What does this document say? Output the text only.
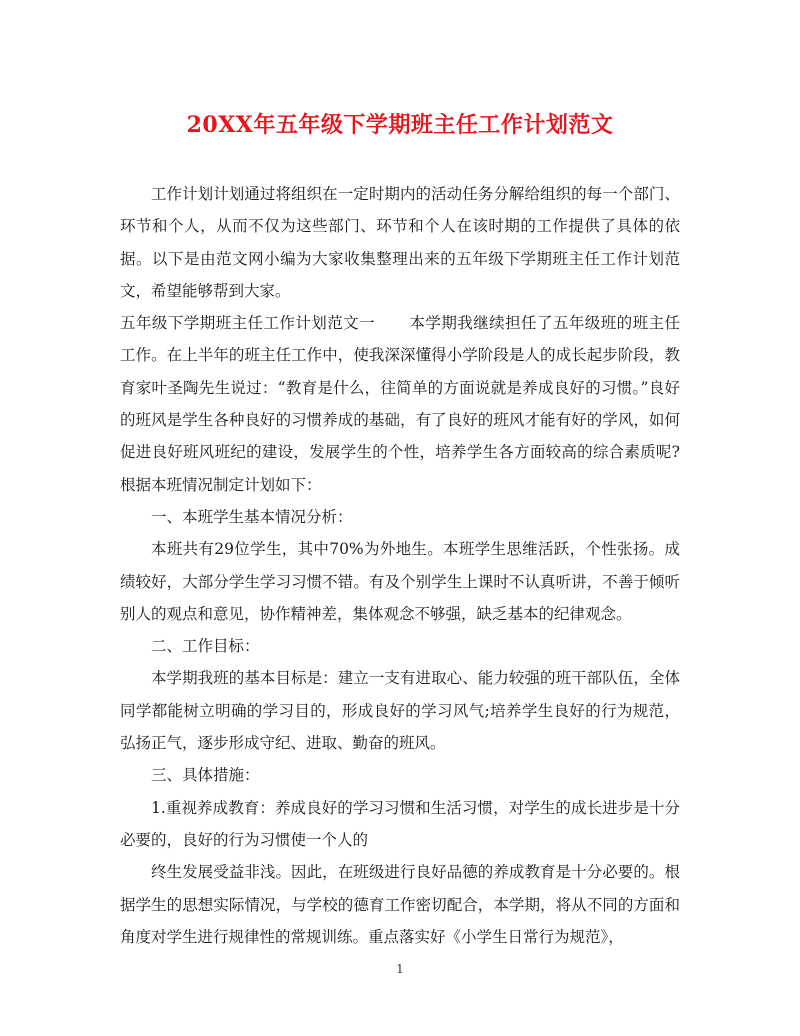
20XX年五年级下学期班主任工作计划范文

工作计划计划通过将组织在一定时期内的活动任务分解给组织的每一个部门、环节和个人，从而不仅为这些部门、环节和个人在该时期的工作提供了具体的依据。以下是由范文网小编为大家收集整理出来的五年级下学期班主任工作计划范文，希望能够帮到大家。

五年级下学期班主任工作计划范文一 本学期我继续担任了五年级班的班主任工作。在上半年的班主任工作中，使我深深懂得小学阶段是人的成长起步阶段，教育家叶圣陶先生说过：“教育是什么，往简单的方面说就是养成良好的习惯。”良好的班风是学生各种良好的习惯养成的基础，有了良好的班风才能有好的学风，如何促进良好班风班纪的建设，发展学生的个性，培养学生各方面较高的综合素质呢?根据本班情况制定计划如下：

一、本班学生基本情况分析：

本班共有29位学生，其中70%为外地生。本班学生思维活跃，个性张扬。成绩较好，大部分学生学习习惯不错。有及个别学生上课时不认真听讲，不善于倾听别人的观点和意见，协作精神差，集体观念不够强，缺乏基本的纪律观念。

二、工作目标：

本学期我班的基本目标是：建立一支有进取心、能力较强的班干部队伍，全体同学都能树立明确的学习目的，形成良好的学习风气;培养学生良好的行为规范，弘扬正气，逐步形成守纪、进取、勤奋的班风。

三、具体措施：

1.重视养成教育：养成良好的学习习惯和生活习惯，对学生的成长进步是十分必要的，良好的行为习惯使一个人的

终生发展受益非浅。因此，在班级进行良好品德的养成教育是十分必要的。根据学生的思想实际情况，与学校的德育工作密切配合，本学期，将从不同的方面和角度对学生进行规律性的常规训练。重点落实好《小学生日常行为规范》，

1
